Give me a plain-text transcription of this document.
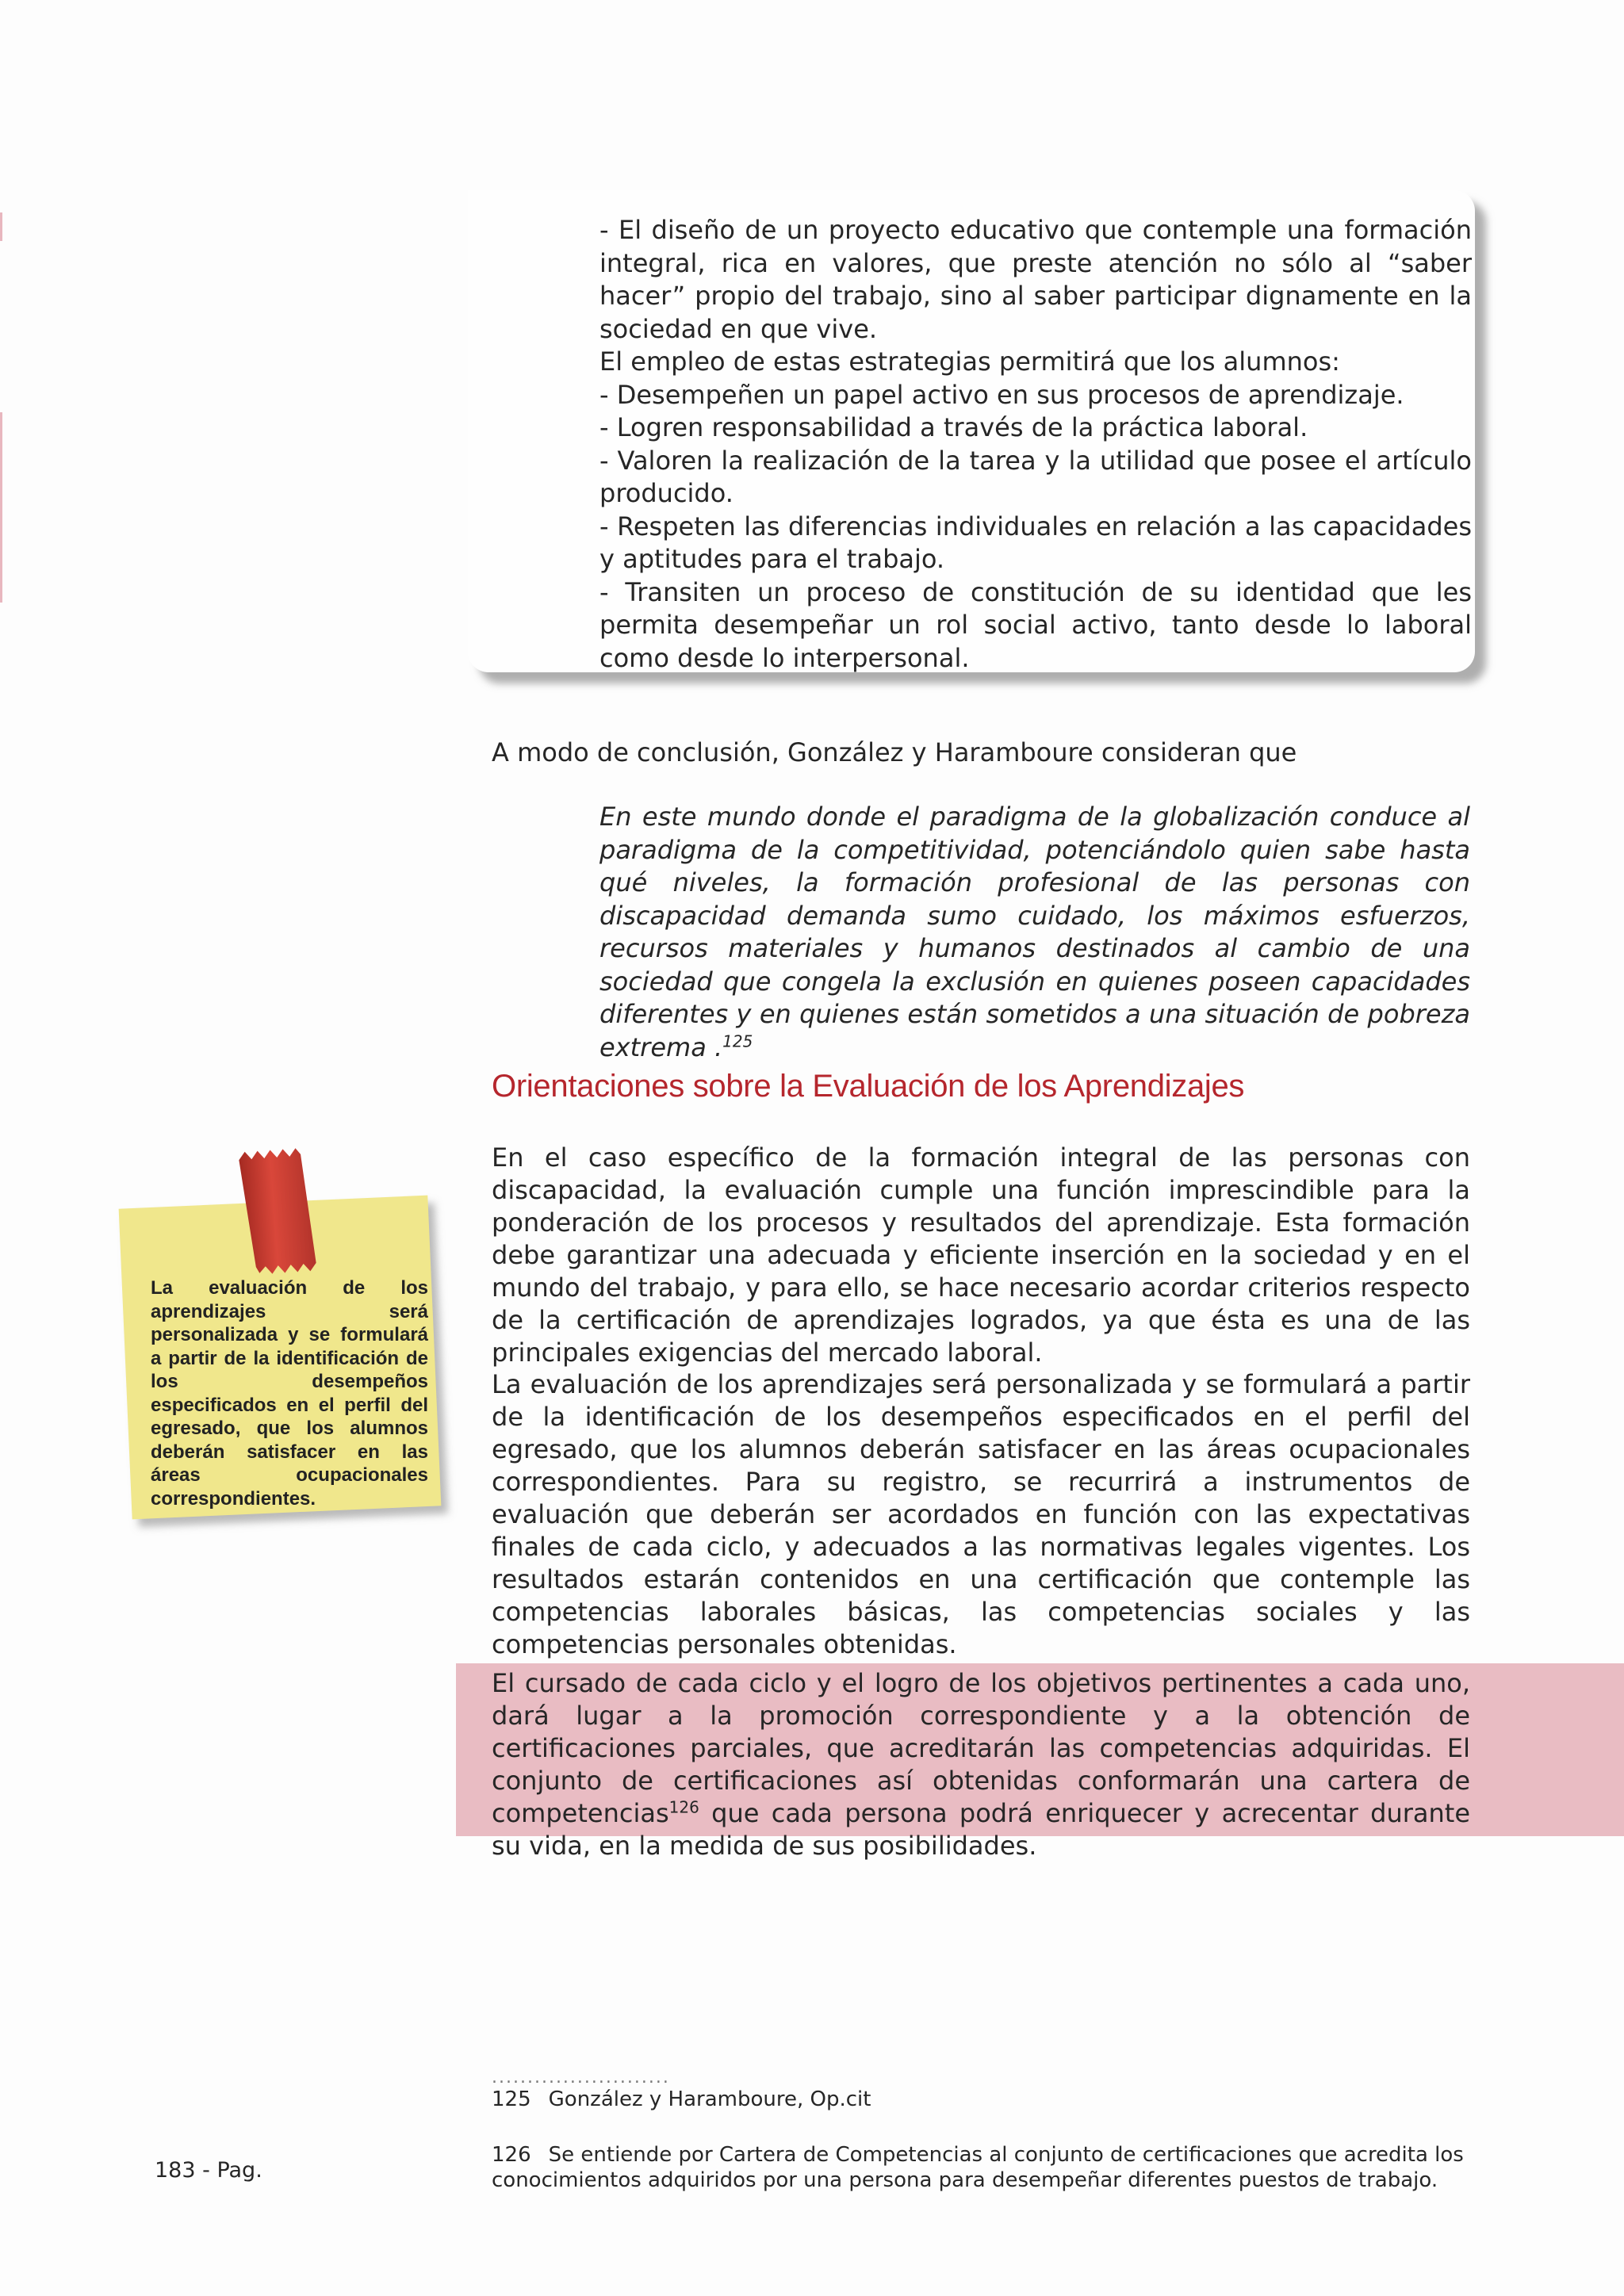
- El diseño de un proyecto educativo que contemple una formación integral, rica en valores, que preste atención no sólo al “saber hacer” propio del trabajo, sino al saber participar dignamente en la sociedad en que vive.

El empleo de estas estrategias permitirá que los alumnos:

- Desempeñen un papel activo en sus procesos de aprendizaje.

- Logren responsabilidad a través de la práctica laboral.

- Valoren la realización de la tarea y la utilidad que posee el artículo producido.

- Respeten las diferencias individuales en relación a las capacidades y aptitudes para el trabajo.

- Transiten un proceso de constitución de su identidad que les permita desempeñar un rol social activo, tanto desde lo laboral como desde lo interpersonal.

A modo de conclusión, González y Haramboure consideran que

En este mundo donde el paradigma de la globalización conduce al paradigma de la competitividad, potenciándolo quien sabe hasta qué niveles, la formación profesional de las personas con discapacidad demanda sumo cuidado, los máximos esfuerzos, recursos materiales y humanos destinados al cambio de una sociedad que congela la exclusión en quienes poseen capacidades diferentes y en quienes están sometidos a una situación de pobreza extrema .$^{125}$

Orientaciones sobre la Evaluación de los Aprendizajes

En el caso específico de la formación integral de las personas con discapacidad, la evaluación cumple una función imprescindible para la ponderación de los procesos y resultados del aprendizaje. Esta formación debe garantizar una adecuada y eficiente inserción en la sociedad y en el mundo del trabajo, y para ello, se hace necesario acordar criterios respecto de la certificación de aprendizajes logrados, ya que ésta es una de las principales exigencias del mercado laboral.

La evaluación de los aprendizajes será personalizada y se formulará a partir de la identificación de los desempeños especificados en el perfil del egresado, que los alumnos deberán satisfacer en las áreas ocupacionales correspondientes. Para su registro, se recurrirá a instrumentos de evaluación que deberán ser acordados en función con las expectativas finales de cada ciclo, y adecuados a las normativas legales vigentes. Los resultados estarán contenidos en una certificación que contemple las competencias laborales básicas, las competencias sociales y las competencias personales obtenidas.

El cursado de cada ciclo y el logro de los objetivos pertinentes a cada uno, dará lugar a la promoción correspondiente y a la obtención de certificaciones parciales, que acreditarán las competencias adquiridas. El conjunto de certificaciones así obtenidas conformarán una cartera de competencias$^{126}$ que cada persona podrá enriquecer y acrecentar durante su vida, en la medida de sus posibilidades.

La evaluación de los aprendizajes será personalizada y se formulará a partir de la identificación de los desempeños especificados en el perfil del egresado, que los alumnos deberán satisfacer en las áreas ocupacionales correspondientes.

.........................

125 González y Haramboure, Op.cit

126 Se entiende por Cartera de Competencias al conjunto de certificaciones que acredita los conocimientos adquiridos por una persona para desempeñar diferentes puestos de trabajo.

183 - Pag.
